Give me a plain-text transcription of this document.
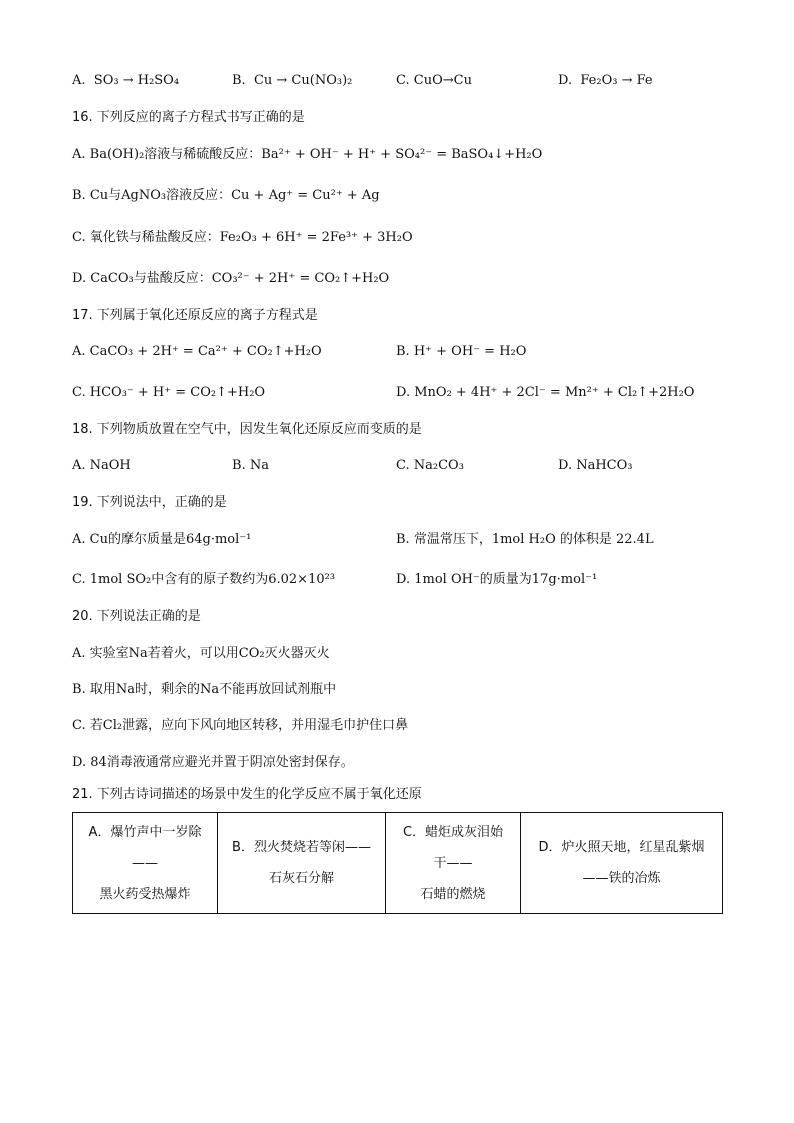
A. SO₃ → H₂SO₄	B. Cu → Cu(NO₃)₂	C. CuO→Cu	D. Fe₂O₃ → Fe
16. 下列反应的离子方程式书写正确的是
A. Ba(OH)₂溶液与稀硫酸反应：Ba²⁺ + OH⁻ + H⁺ + SO₄²⁻ = BaSO₄↓+H₂O
B. Cu与AgNO₃溶液反应：Cu + Ag⁺ = Cu²⁺ + Ag
C. 氧化铁与稀盐酸反应：Fe₂O₃ + 6H⁺ = 2Fe³⁺ + 3H₂O
D. CaCO₃与盐酸反应：CO₃²⁻ + 2H⁺ = CO₂↑+H₂O
17. 下列属于氧化还原反应的离子方程式是
A. CaCO₃ + 2H⁺ = Ca²⁺ + CO₂↑+H₂O	B. H⁺ + OH⁻ = H₂O
C. HCO₃⁻ + H⁺ = CO₂↑+H₂O	D. MnO₂ + 4H⁺ + 2Cl⁻ = Mn²⁺ + Cl₂↑+2H₂O
18. 下列物质放置在空气中，因发生氧化还原反应而变质的是
A. NaOH	B. Na	C. Na₂CO₃	D. NaHCO₃
19. 下列说法中，正确的是
A. Cu的摩尔质量是64g·mol⁻¹	B. 常温常压下，1mol H₂O 的体积是 22.4L
C. 1mol SO₂中含有的原子数约为6.02×10²³	D. 1mol OH⁻的质量为17g·mol⁻¹
20. 下列说法正确的是
A. 实验室Na若着火，可以用CO₂灭火器灭火
B. 取用Na时，剩余的Na不能再放回试剂瓶中
C. 若Cl₂泄露，应向下风向地区转移，并用湿毛巾护住口鼻
D. 84消毒液通常应避光并置于阴凉处密封保存。
21. 下列古诗词描述的场景中发生的化学反应不属于氧化还原
A．爆竹声中一岁除
——
黑火药受热爆炸

B．烈火焚烧若等闲——
石灰石分解

C．蜡炬成灰泪始
干——
石蜡的燃烧

D．炉火照天地，红星乱紫烟
——铁的冶炼
